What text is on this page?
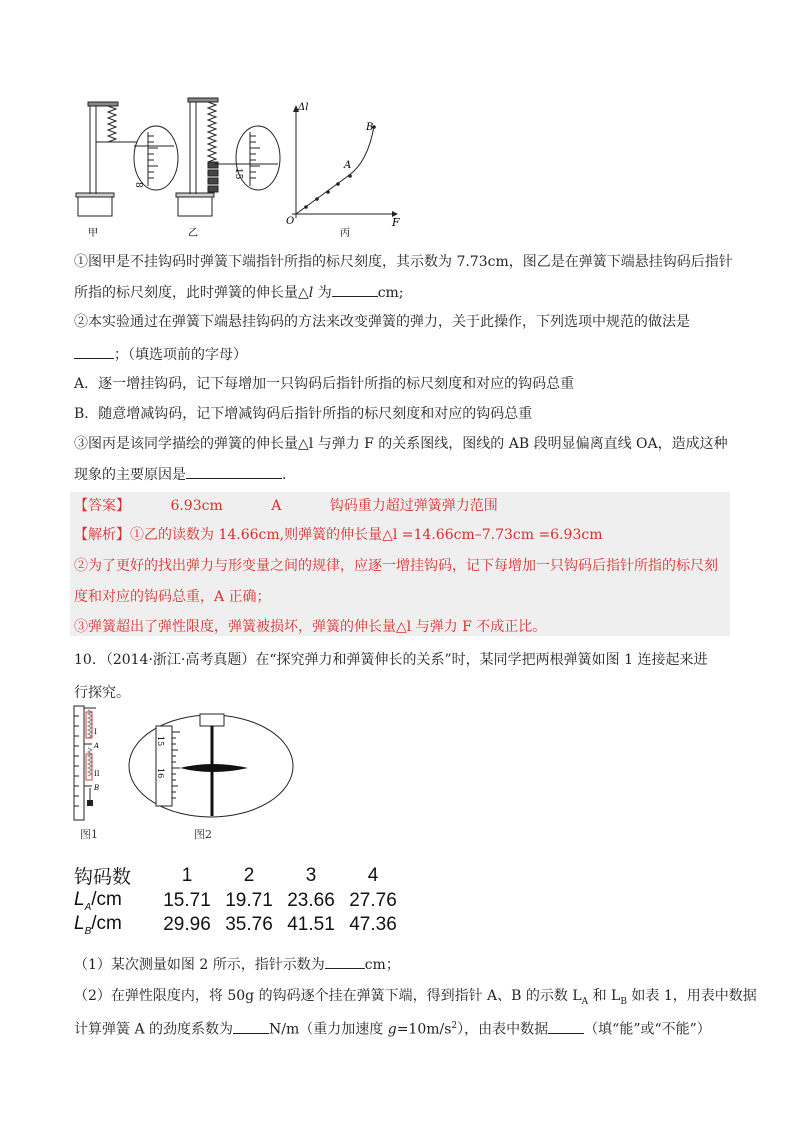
8
15
Δl
F
O
A
B
甲	乙	丙
①图甲是不挂钩码时弹簧下端指针所指的标尺刻度，其示数为 7.73cm，图乙是在弹簧下端悬挂钩码后指针
所指的标尺刻度，此时弹簧的伸长量△l 为	cm;
②本实验通过在弹簧下端悬挂钩码的方法来改变弹簧的弹力，关于此操作，下列选项中规范的做法是
；（填选项前的字母）
A．逐一增挂钩码，记下每增加一只钩码后指针所指的标尺刻度和对应的钩码总重
B．随意增减钩码，记下增减钩码后指针所指的标尺刻度和对应的钩码总重
③图丙是该同学描绘的弹簧的伸长量△l 与弹力 F 的关系图线，图线的 AB 段明显偏离直线 OA，造成这种
现象的主要原因是	.
【答案】	6.93cm	A	钩码重力超过弹簧弹力范围
【解析】①乙的读数为 14.66cm,则弹簧的伸长量△l =14.66cm–7.73cm =6.93cm
②为了更好的找出弹力与形变量之间的规律，应逐一增挂钩码，记下每增加一只钩码后指针所指的标尺刻
度和对应的钩码总重，A 正确；
③弹簧超出了弹性限度，弹簧被损坏，弹簧的伸长量△l 与弹力 F 不成正比。
10．（2014·浙江·高考真题）在“探究弹力和弹簧伸长的关系”时，某同学把两根弹簧如图 1 连接起来进
行探究。
I
A
II
B
图1
15
16
图2
钩码数	1	2	3	4
$L_A/cm$	15.71	19.71	23.66	27.76
$L_B/cm$	29.96	35.76	41.51	47.36
（1）某次测量如图 2 所示，指针示数为	cm；
（2）在弹性限度内，将 50g 的钩码逐个挂在弹簧下端，得到指针 A、B 的示数 $L_A$ 和 $L_B$ 如表 1，用表中数据
计算弹簧 A 的劲度系数为	N/m（重力加速度 $g=10m/s^2$），由表中数据	（填“能”或“不能”）
